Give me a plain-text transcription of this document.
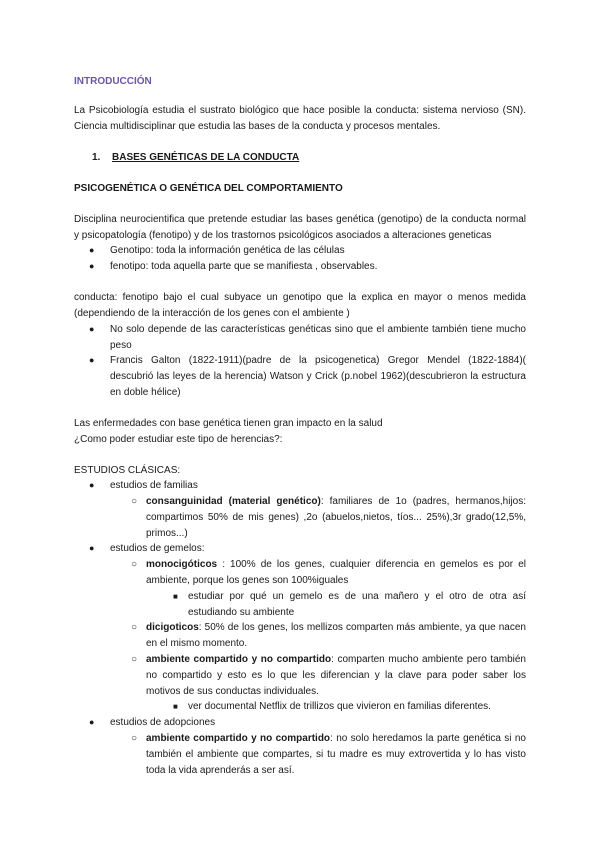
INTRODUCCIÓN
La Psicobiología estudia el sustrato biológico que hace posible la conducta: sistema nervioso (SN).
Ciencia multidisciplinar que estudia las bases de la conducta y procesos mentales.
1. BASES GENÉTICAS DE LA CONDUCTA
PSICOGENÉTICA O GENÉTICA DEL COMPORTAMIENTO
Disciplina neurocientifica que pretende estudiar las bases genética (genotipo) de la conducta normal
y psicopatología (fenotipo) y de los trastornos psicológicos asociados a alteraciones geneticas
● Genotipo: toda la información genética de las células
● fenotipo: toda aquella parte que se manifiesta , observables.
conducta: fenotipo bajo el cual subyace un genotipo que la explica en mayor o menos medida
(dependiendo de la interacción de los genes con el ambiente )
● No solo depende de las características genéticas sino que el ambiente también tiene mucho
peso
● Francis Galton (1822-1911)(padre de la psicogenetica) Gregor Mendel (1822-1884)(
descubrió las leyes de la herencia) Watson y Crick (p.nobel 1962)(descubrieron la estructura
en doble hélice)
Las enfermedades con base genética tienen gran impacto en la salud
¿Como poder estudiar este tipo de herencias?:
ESTUDIOS CLÁSICAS:
● estudios de familias
○ consanguinidad (material genético): familiares de 1o (padres, hermanos,hijos:
compartimos 50% de mis genes) ,2o (abuelos,nietos, tíos... 25%),3r grado(12,5%,
primos...)
● estudios de gemelos:
○ monocigóticos : 100% de los genes, cualquier diferencia en gemelos es por el
ambiente, porque los genes son 100%iguales
■ estudiar por qué un gemelo es de una mañero y el otro de otra así
estudiando su ambiente
○ dicigoticos: 50% de los genes, los mellizos comparten más ambiente, ya que nacen
en el mismo momento.
○ ambiente compartido y no compartido: comparten mucho ambiente pero también
no compartido y esto es lo que les diferencian y la clave para poder saber los
motivos de sus conductas individuales.
■ ver documental Netflix de trillizos que vivieron en familias diferentes.
● estudios de adopciones
○ ambiente compartido y no compartido: no solo heredamos la parte genética si no
también el ambiente que compartes, si tu madre es muy extrovertida y lo has visto
toda la vida aprenderás a ser así.
